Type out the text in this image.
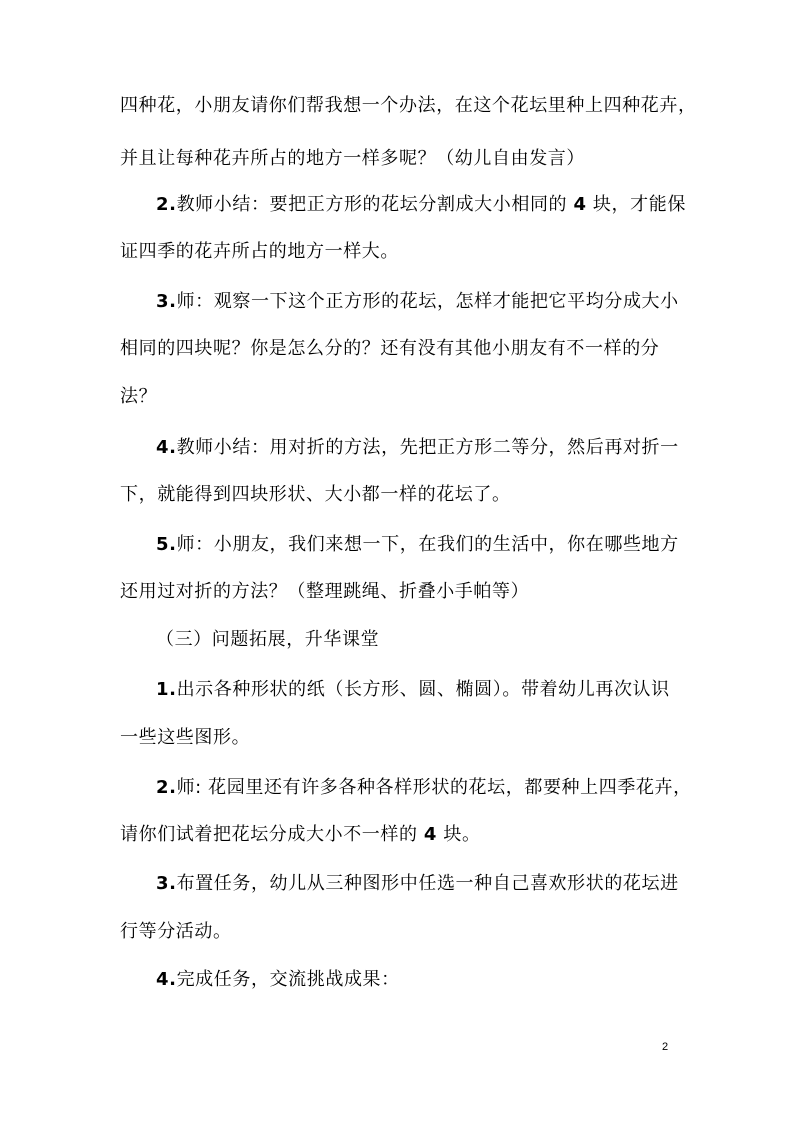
四种花，小朋友请你们帮我想一个办法，在这个花坛里种上四种花卉，
并且让每种花卉所占的地方一样多呢？（幼儿自由发言）
2.教师小结：要把正方形的花坛分割成大小相同的 4 块，才能保
证四季的花卉所占的地方一样大。
3.师：观察一下这个正方形的花坛，怎样才能把它平均分成大小
相同的四块呢？你是怎么分的？还有没有其他小朋友有不一样的分
法？
4.教师小结：用对折的方法，先把正方形二等分，然后再对折一
下，就能得到四块形状、大小都一样的花坛了。
5.师：小朋友，我们来想一下，在我们的生活中，你在哪些地方
还用过对折的方法？（整理跳绳、折叠小手帕等）
（三）问题拓展，升华课堂
1.出示各种形状的纸（长方形、圆、椭圆）。带着幼儿再次认识
一些这些图形。
2.师: 花园里还有许多各种各样形状的花坛，都要种上四季花卉，
请你们试着把花坛分成大小不一样的 4 块。
3.布置任务，幼儿从三种图形中任选一种自己喜欢形状的花坛进
行等分活动。
4.完成任务，交流挑战成果：
2
